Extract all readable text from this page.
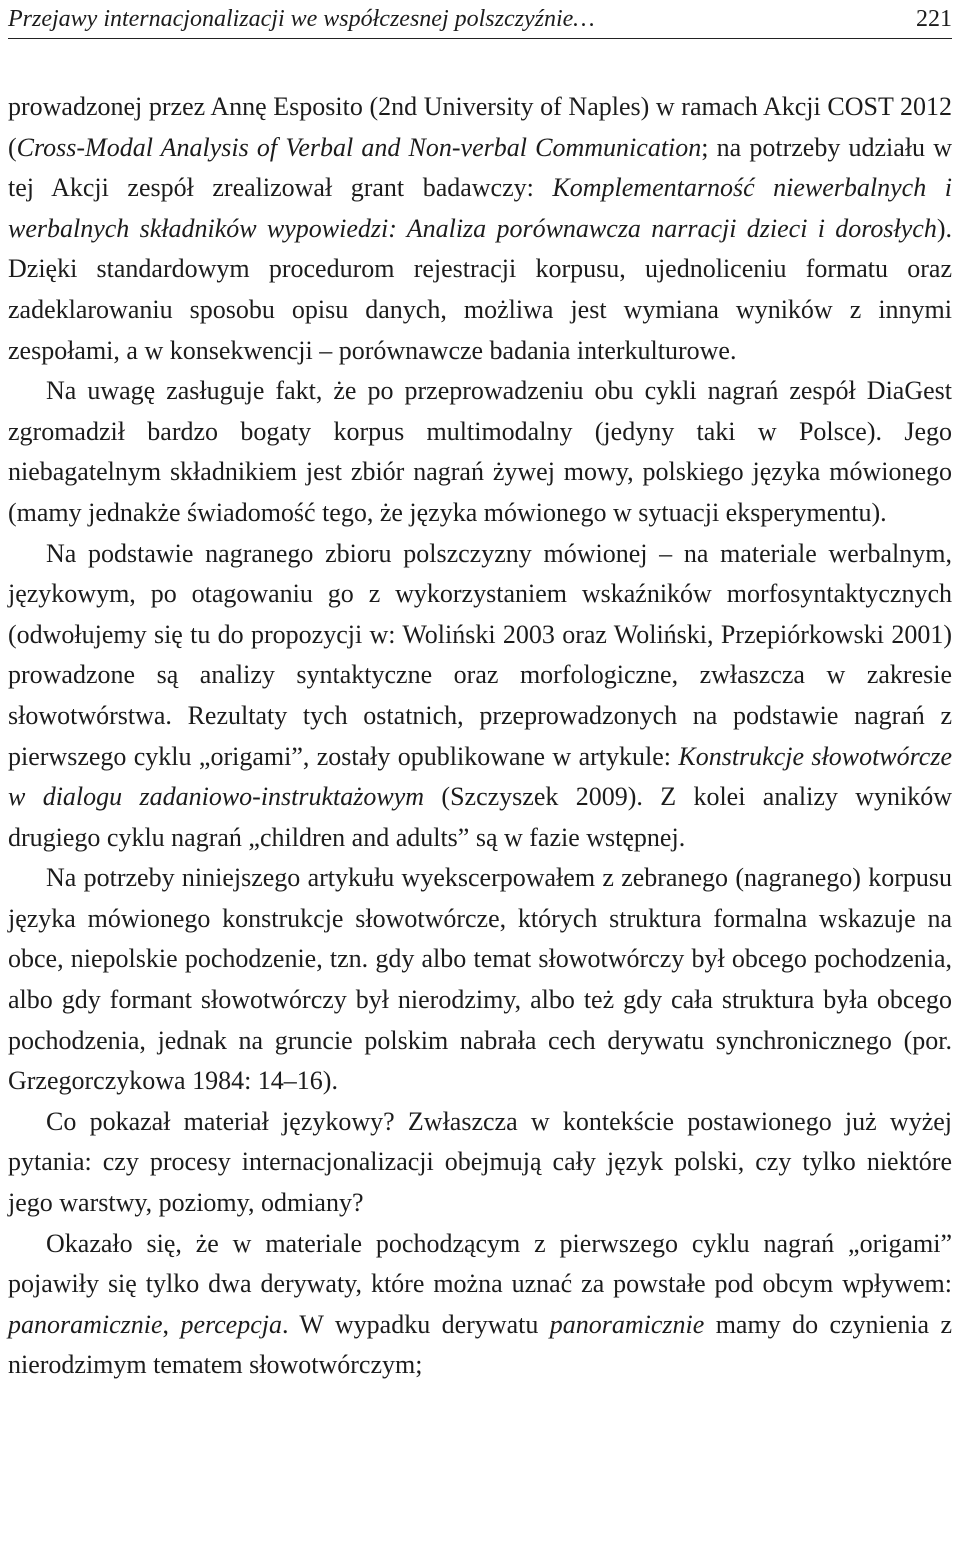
Przejawy internacjonalizacji we współczesnej polszczyźnie…	221

prowadzonej przez Annę Esposito (2nd University of Naples) w ramach Akcji COST 2012 (Cross-Modal Analysis of Verbal and Non-verbal Communication; na potrzeby udziału w tej Akcji zespół zrealizował grant badawczy: Komplementarność niewerbalnych i werbalnych składników wypowiedzi: Analiza porównawcza narracji dzieci i dorosłych). Dzięki standardowym procedurom rejestracji korpusu, ujednoliceniu formatu oraz zadeklarowaniu sposobu opisu danych, możliwa jest wymiana wyników z innymi zespołami, a w konsekwencji – porównawcze badania interkulturowe.

Na uwagę zasługuje fakt, że po przeprowadzeniu obu cykli nagrań zespół DiaGest zgromadził bardzo bogaty korpus multimodalny (jedyny taki w Polsce). Jego niebagatelnym składnikiem jest zbiór nagrań żywej mowy, polskiego języka mówionego (mamy jednakże świadomość tego, że języka mówionego w sytuacji eksperymentu).

Na podstawie nagranego zbioru polszczyzny mówionej – na materiale werbalnym, językowym, po otagowaniu go z wykorzystaniem wskaźników morfosyntaktycznych (odwołujemy się tu do propozycji w: Woliński 2003 oraz Woliński, Przepiórkowski 2001) prowadzone są analizy syntaktyczne oraz morfologiczne, zwłaszcza w zakresie słowotwórstwa. Rezultaty tych ostatnich, przeprowadzonych na podstawie nagrań z pierwszego cyklu „origami”, zostały opublikowane w artykule: Konstrukcje słowotwórcze w dialogu zadaniowo-instruktażowym (Szczyszek 2009). Z kolei analizy wyników drugiego cyklu nagrań „children and adults” są w fazie wstępnej.

Na potrzeby niniejszego artykułu wyekscerpowałem z zebranego (nagranego) korpusu języka mówionego konstrukcje słowotwórcze, których struktura formalna wskazuje na obce, niepolskie pochodzenie, tzn. gdy albo temat słowotwórczy był obcego pochodzenia, albo gdy formant słowotwórczy był nierodzimy, albo też gdy cała struktura była obcego pochodzenia, jednak na gruncie polskim nabrała cech derywatu synchronicznego (por. Grzegorczykowa 1984: 14–16).

Co pokazał materiał językowy? Zwłaszcza w kontekście postawionego już wyżej pytania: czy procesy internacjonalizacji obejmują cały język polski, czy tylko niektóre jego warstwy, poziomy, odmiany?

Okazało się, że w materiale pochodzącym z pierwszego cyklu nagrań „origami” pojawiły się tylko dwa derywaty, które można uznać za powstałe pod obcym wpływem: panoramicznie, percepcja. W wypadku derywatu panoramicznie mamy do czynienia z nierodzimym tematem słowotwórczym;
